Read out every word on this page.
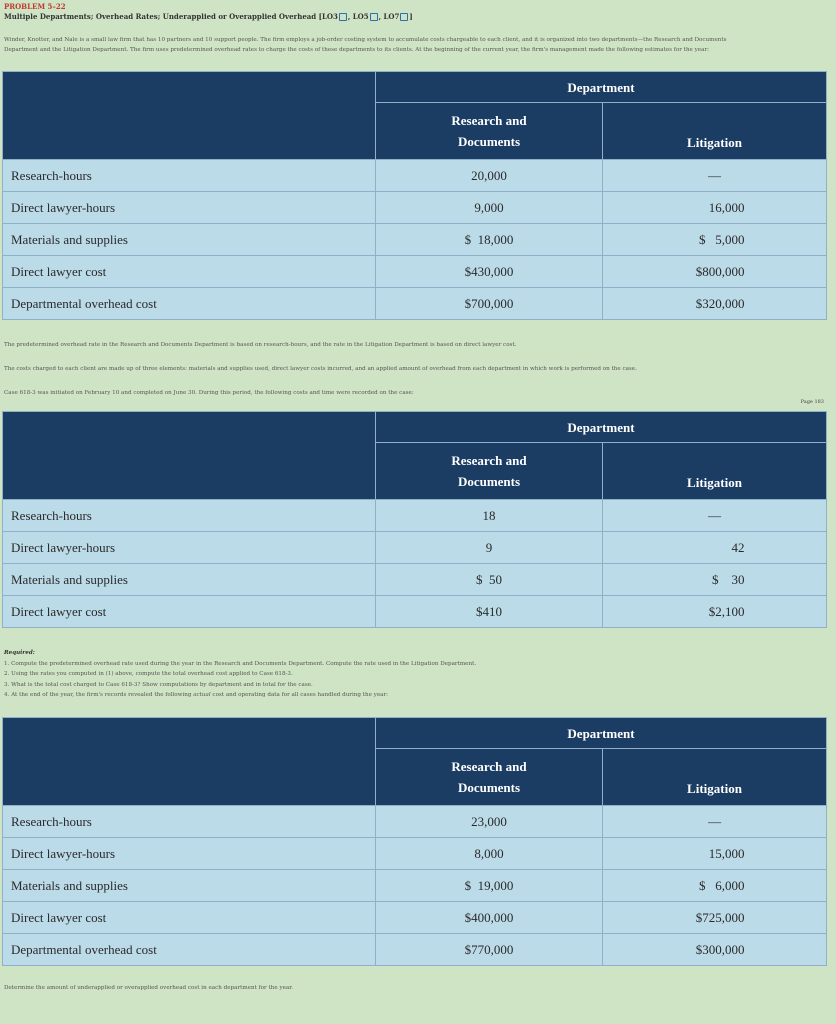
PROBLEM 5–22
Multiple Departments; Overhead Rates; Underapplied or Overapplied Overhead [LO3 , LO5 , LO7 ]
Winder, Knotter, and Nale is a small law firm that has 10 partners and 10 support people. The firm employs a job-order costing system to accumulate costs chargeable to each client, and it is organized into two departments—the Research and Documents
Department and the Litigation Department. The firm uses predetermined overhead rates to charge the costs of these departments to its clients. At the beginning of the current year, the firm's management made the following estimates for the year:
	Department	

	Research and
Documents	Litigation
Research-hours	20,000	—
Direct lawyer-hours	9,000	16,000
Materials and supplies	$  18,000	$   5,000
Direct lawyer cost	$430,000	$800,000
Departmental overhead cost	$700,000	$320,000
The predetermined overhead rate in the Research and Documents Department is based on research-hours, and the rate in the Litigation Department is based on direct lawyer cost.
The costs charged to each client are made up of three elements: materials and supplies used, direct lawyer costs incurred, and an applied amount of overhead from each department in which work is performed on the case.
Case 618-3 was initiated on February 10 and completed on June 30. During this period, the following costs and time were recorded on the case:
Page 183
	Department	

	Research and
Documents	Litigation
Research-hours	18	—
Direct lawyer-hours	9	42
Materials and supplies	$  50	$    30
Direct lawyer cost	$410	$2,100
Required:
1. Compute the predetermined overhead rate used during the year in the Research and Documents Department. Compute the rate used in the Litigation Department.
2. Using the rates you computed in (1) above, compute the total overhead cost applied to Case 618-3.
3. What is the total cost charged to Case 618-3? Show computations by department and in total for the case.
4. At the end of the year, the firm's records revealed the following actual cost and operating data for all cases handled during the year:
	Department	

	Research and
Documents	Litigation
Research-hours	23,000	—
Direct lawyer-hours	8,000	15,000
Materials and supplies	$  19,000	$   6,000
Direct lawyer cost	$400,000	$725,000
Departmental overhead cost	$770,000	$300,000
Determine the amount of underapplied or overapplied overhead cost in each department for the year.
